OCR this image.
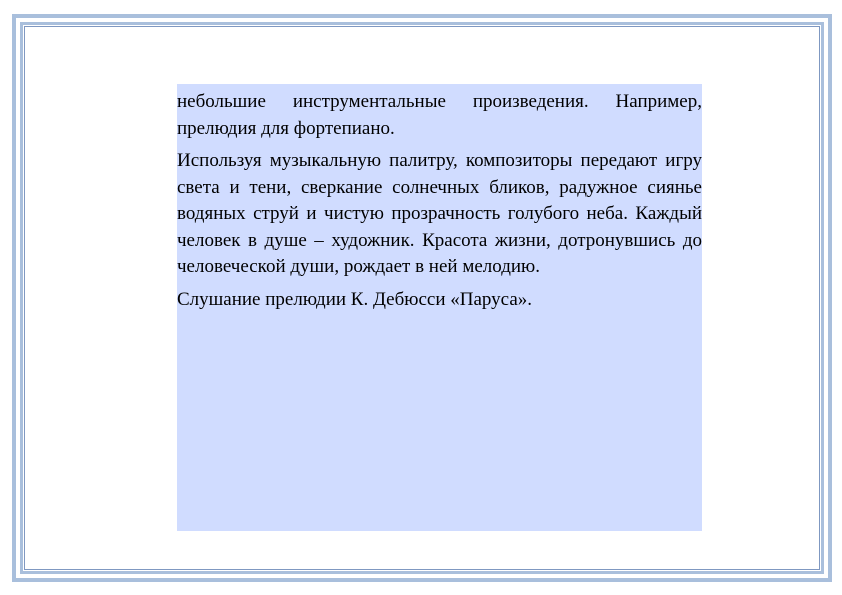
небольшие инструментальные произведения. Например, прелюдия для фортепиано.

Используя музыкальную палитру, композиторы передают игру света и тени, сверкание солнечных бликов, радужное сиянье водяных струй и чистую прозрачность голубого неба. Каждый человек в душе – художник. Красота жизни, дотронувшись до человеческой души, рождает в ней мелодию.

Слушание прелюдии К. Дебюсси «Паруса».
